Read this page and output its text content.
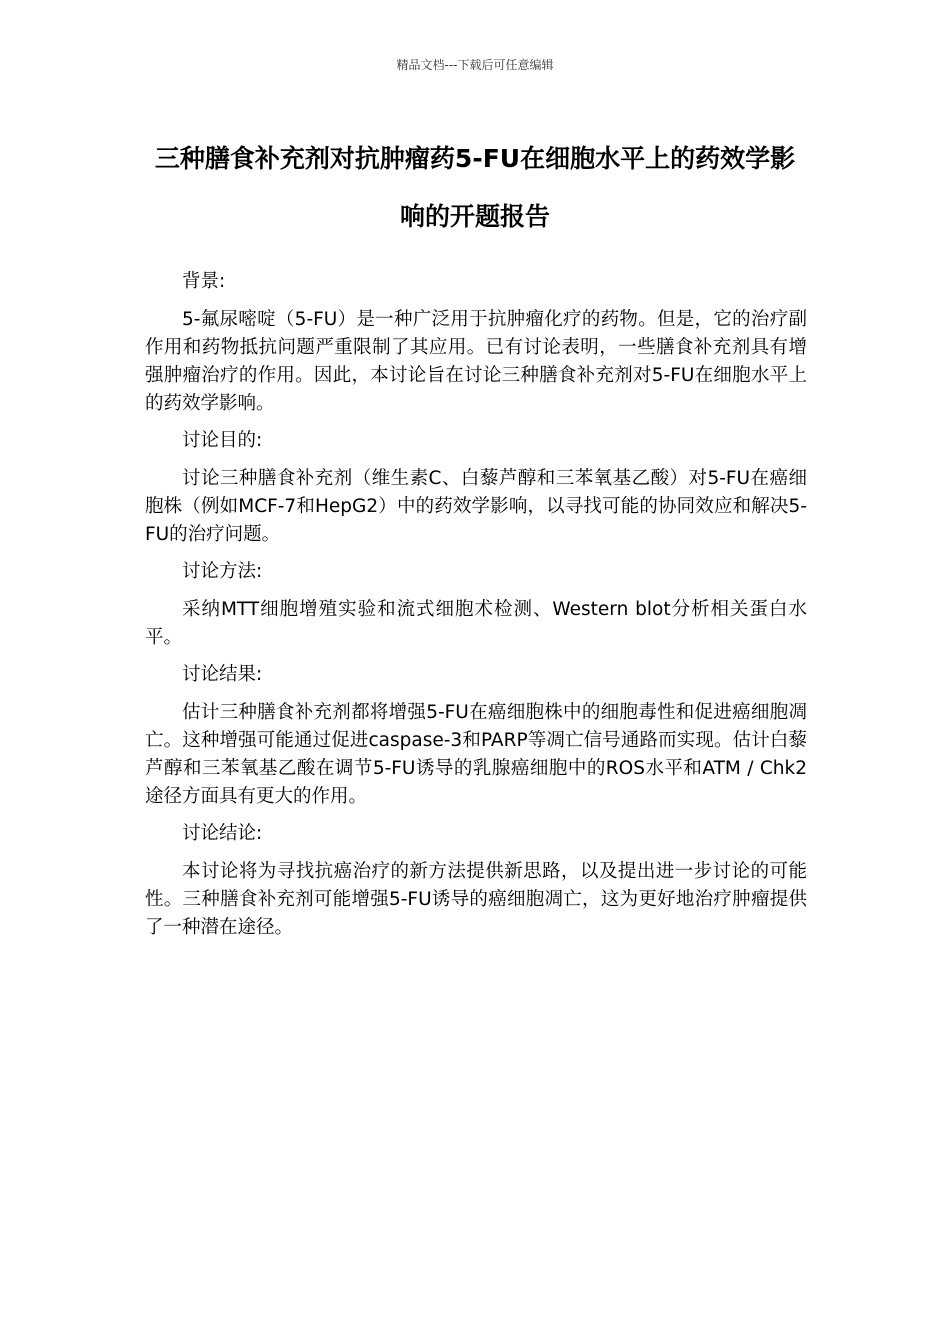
精品文档---下载后可任意编辑
三种膳食补充剂对抗肿瘤药5-FU在细胞水平上的药效学影响的开题报告

背景:

5-氟尿嘧啶（5-FU）是一种广泛用于抗肿瘤化疗的药物。但是，它的治疗副作用和药物抵抗问题严重限制了其应用。已有讨论表明，一些膳食补充剂具有增强肿瘤治疗的作用。因此，本讨论旨在讨论三种膳食补充剂对5-FU在细胞水平上的药效学影响。

讨论目的:

讨论三种膳食补充剂（维生素C、白藜芦醇和三苯氧基乙酸）对5-FU在癌细胞株（例如MCF-7和HepG2）中的药效学影响，以寻找可能的协同效应和解决5-FU的治疗问题。

讨论方法:

采纳MTT细胞增殖实验和流式细胞术检测、Western blot分析相关蛋白水平。

讨论结果:

估计三种膳食补充剂都将增强5-FU在癌细胞株中的细胞毒性和促进癌细胞凋亡。这种增强可能通过促进caspase-3和PARP等凋亡信号通路而实现。估计白藜芦醇和三苯氧基乙酸在调节5-FU诱导的乳腺癌细胞中的ROS水平和ATM / Chk2途径方面具有更大的作用。

讨论结论:

本讨论将为寻找抗癌治疗的新方法提供新思路，以及提出进一步讨论的可能性。三种膳食补充剂可能增强5-FU诱导的癌细胞凋亡，这为更好地治疗肿瘤提供了一种潜在途径。
